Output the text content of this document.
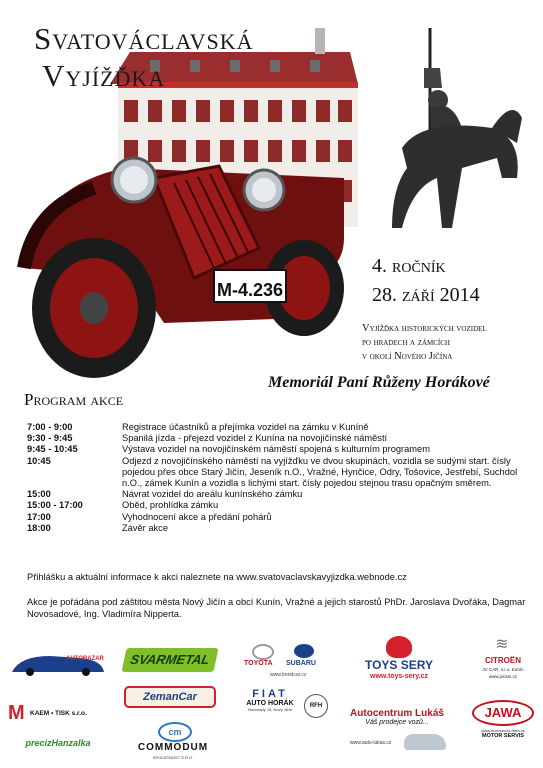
M-4.236
Svatováclavská
Vyjížďka
4. ročník
28. září 2014
Vyjížďka historických vozidel
po hradech a zámcích
v okolí Nového Jičína
Memoriál Paní Růženy Horákové
Program akce
7:00 - 9:00	Registrace účastníků a přejímka vozidel na zámku v Kuníně
9:30 - 9:45	Spanilá jízda - přejezd vozidel z Kunína na novojičínské náměstí
9:45 - 10:45	Výstava vozidel na novojičínském náměstí spojená s kulturním programem
10:45	Odjezd z novojičínského náměstí na vyjížďku ve dvou skupinách, vozidla se sudými start. čísly pojedou přes obce Starý Jičín, Jeseník n.O., Vražné, Hynčice, Odry, Tošovice, Jestřebí, Suchdol n.O., zámek Kunín a vozidla s lichými start. čísly pojedou stejnou trasu opačným směrem.
15:00	Návrat vozidel do areálu kunínského zámku
15:00 - 17:00	Oběd, prohlídka zámku
17:00	Vyhodnocení akce a předání pohárů
18:00	Závěr akce
Přihlášku a aktuální informace k akci naleznete na www.svatovaclavskavyjizdka.webnode.cz
Akce je pořádána pod záštitou města Nový Jičín a obcí Kunín, Vražné a jejich starostů PhDr. Jaroslava Dvořáka, Dagmar Novosadové, Ing. Vladimíra Nipperta.
AUTOBAZAR	SVARMETAL	TOYOTA SUBARU
www.trendcar.cz
TOYS SERY
www.toys-sery.cz
≋
CITROËN
JV CAR, s.r.o. Kunín
www.jvcars.cz
M KAEM • TISK s.r.o.
ZemanCar	FIAT
AUTO HORÁK
Novosady 15, Nový Jičín
RFH
Autocentrum Lukáš
Váš prodejce vozů...
www.auto-lukas.cz
JAWA
www.motoservis-tatra.cz
MOTOR SERVIS
precizHanzalka
cm
COMMODUM
SPOLEČNOST S R.O.
